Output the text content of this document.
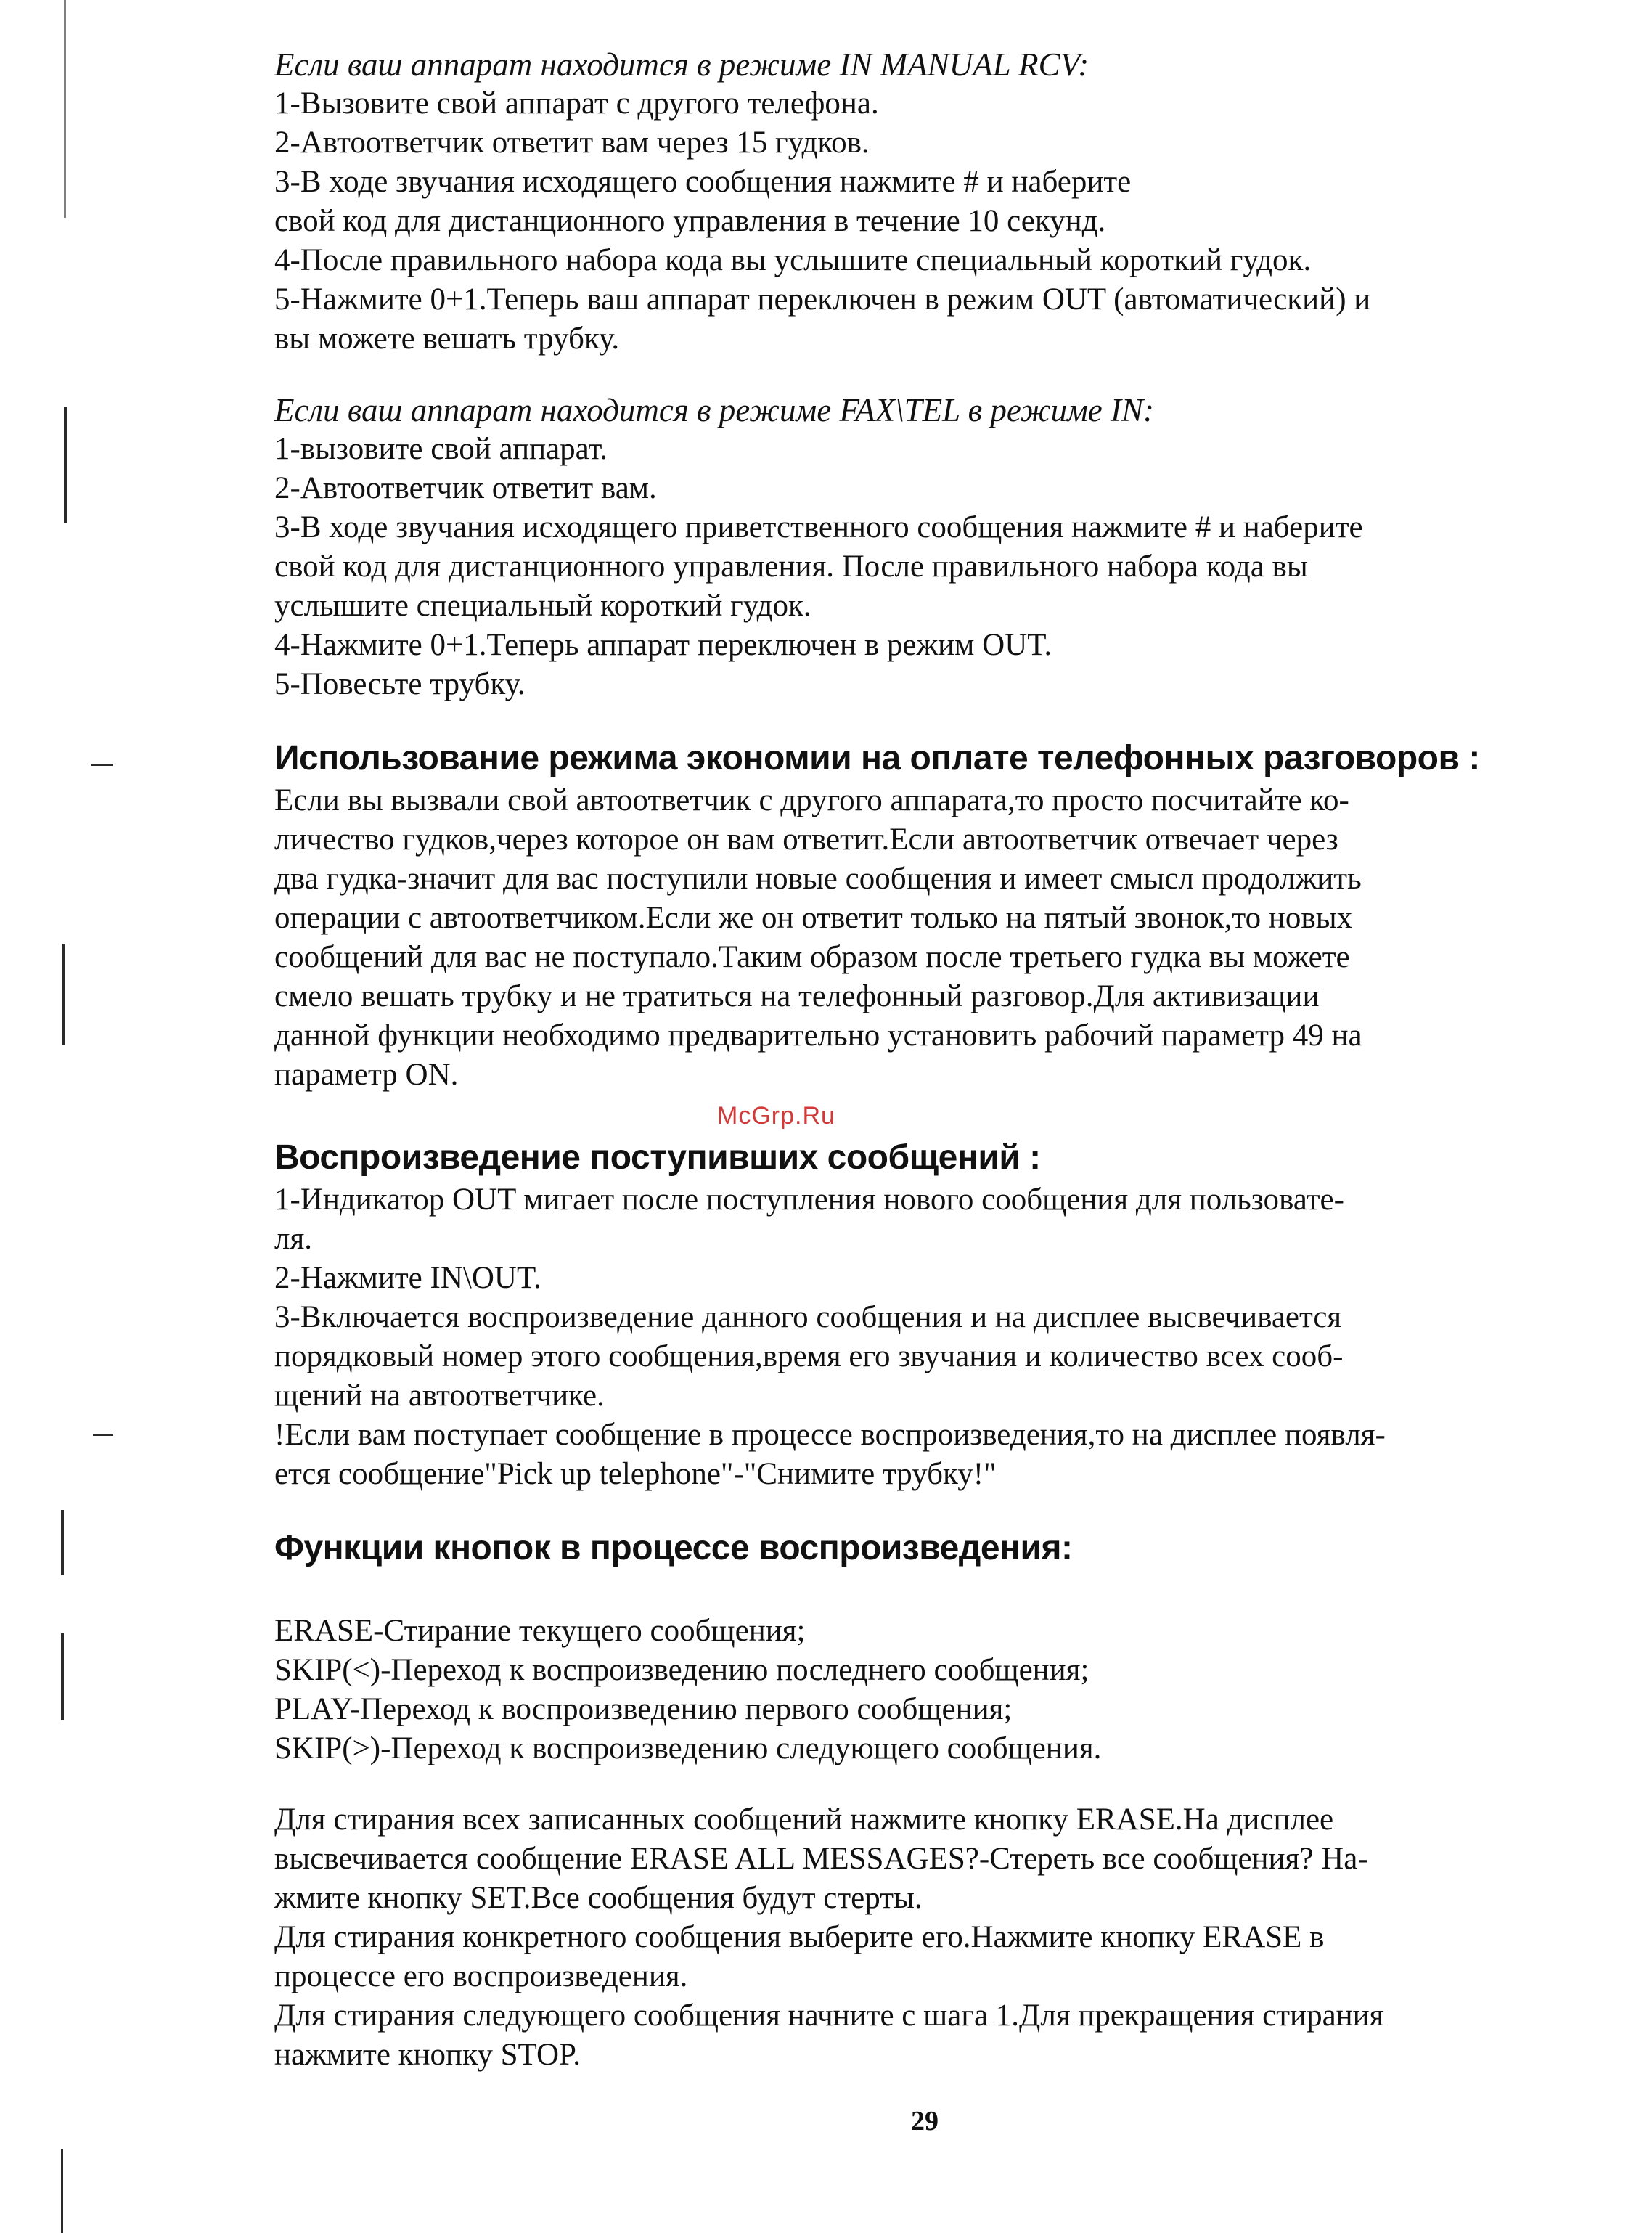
Если ваш аппарат находится в режиме IN MANUAL RCV:

1-Вызовите свой аппарат с другого телефона.

2-Автоответчик ответит вам через 15 гудков.

3-В ходе звучания исходящего сообщения нажмите # и наберите

свой код для дистанционного управления в течение 10 секунд.

4-После правильного набора кода вы услышите специальный короткий гудок.

5-Нажмите 0+1.Теперь ваш аппарат переключен в режим OUT (автоматический) и

вы можете вешать трубку.

Если ваш аппарат находится в режиме FAX\TEL в режиме IN:

1-вызовите свой аппарат.

2-Автоответчик ответит вам.

3-В ходе звучания исходящего приветственного сообщения нажмите # и наберите

свой код для дистанционного управления. После правильного набора кода вы

услышите специальный короткий гудок.

4-Нажмите 0+1.Теперь аппарат переключен в режим OUT.

5-Повесьте трубку.

Использование режима экономии на оплате телефонных разговоров :

Если вы вызвали свой автоответчик с другого аппарата,то просто посчитайте ко-

личество гудков,через которое он вам ответит.Если автоответчик отвечает через

два гудка-значит для вас поступили новые сообщения и имеет смысл продолжить

операции с автоответчиком.Если же он ответит только на пятый звонок,то новых

сообщений для вас не поступало.Таким образом после третьего гудка вы можете

смело вешать трубку и не тратиться на телефонный разговор.Для активизации

данной функции необходимо предварительно установить рабочий параметр 49 на

параметр ON.

Воспроизведение поступивших сообщений :

1-Индикатор OUT мигает после поступления нового сообщения для пользовате-

ля.

2-Нажмите IN\OUT.

3-Включается воспроизведение данного сообщения и на дисплее высвечивается

порядковый номер этого сообщения,время его звучания и количество всех сооб-

щений на автоответчике.

!Если вам поступает сообщение в процессе воспроизведения,то на дисплее появля-

ется сообщение"Pick up telephone"-"Снимите трубку!"

Функции кнопок в процессе воспроизведения:

ERASE-Стирание текущего сообщения;

SKIP(<)-Переход к воспроизведению последнего сообщения;

PLAY-Переход к воспроизведению первого сообщения;

SKIP(>)-Переход к воспроизведению следующего сообщения.

Для стирания всех записанных сообщений нажмите кнопку ERASE.На дисплее

высвечивается сообщение ERASE ALL MESSAGES?-Стереть все сообщения? На-

жмите кнопку SET.Все сообщения будут стерты.

Для стирания конкретного сообщения выберите его.Нажмите кнопку ERASE в

процессе его воспроизведения.

Для стирания следующего сообщения начните с шага 1.Для прекращения стирания

нажмите кнопку STOP.

McGrp.Ru
29
